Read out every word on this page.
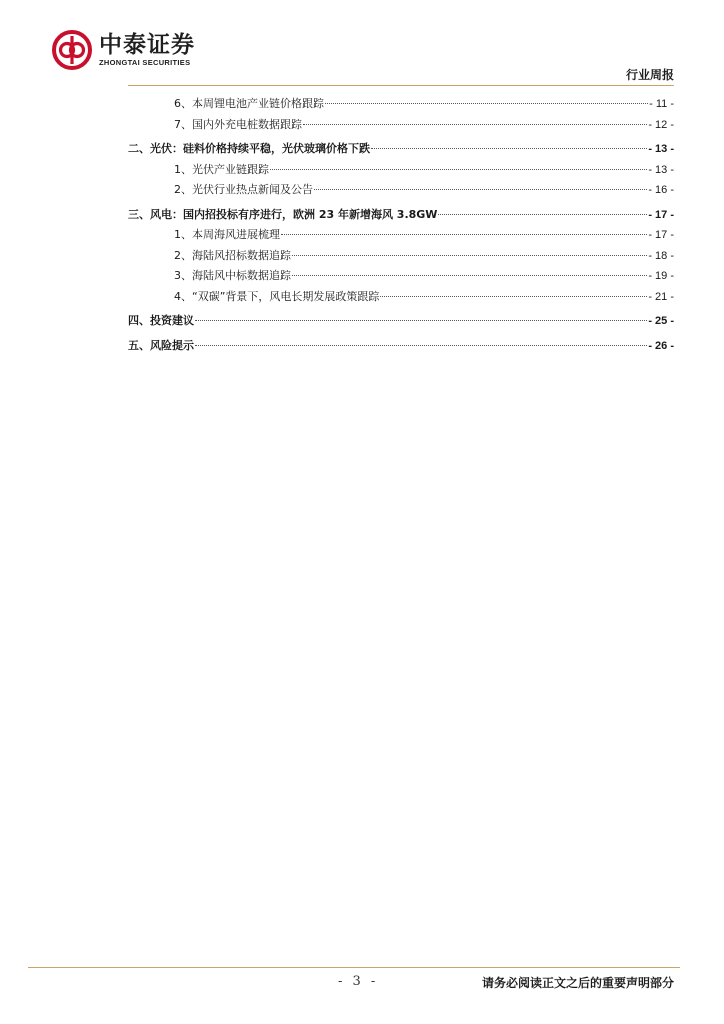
中泰证券
ZHONGTAI SECURITIES
行业周报
6、本周锂电池产业链价格跟踪	- 11 -
7、国内外充电桩数据跟踪	- 12 -
二、光伏：硅料价格持续平稳，光伏玻璃价格下跌	- 13 -
1、光伏产业链跟踪	- 13 -
2、光伏行业热点新闻及公告	- 16 -
三、风电：国内招投标有序进行，欧洲 23 年新增海风 3.8GW	- 17 -
1、本周海风进展梳理	- 17 -
2、海陆风招标数据追踪	- 18 -
3、海陆风中标数据追踪	- 19 -
4、“双碳”背景下，风电长期发展政策跟踪	- 21 -
四、投资建议	- 25 -
五、风险提示	- 26 -
- 3 -	请务必阅读正文之后的重要声明部分
